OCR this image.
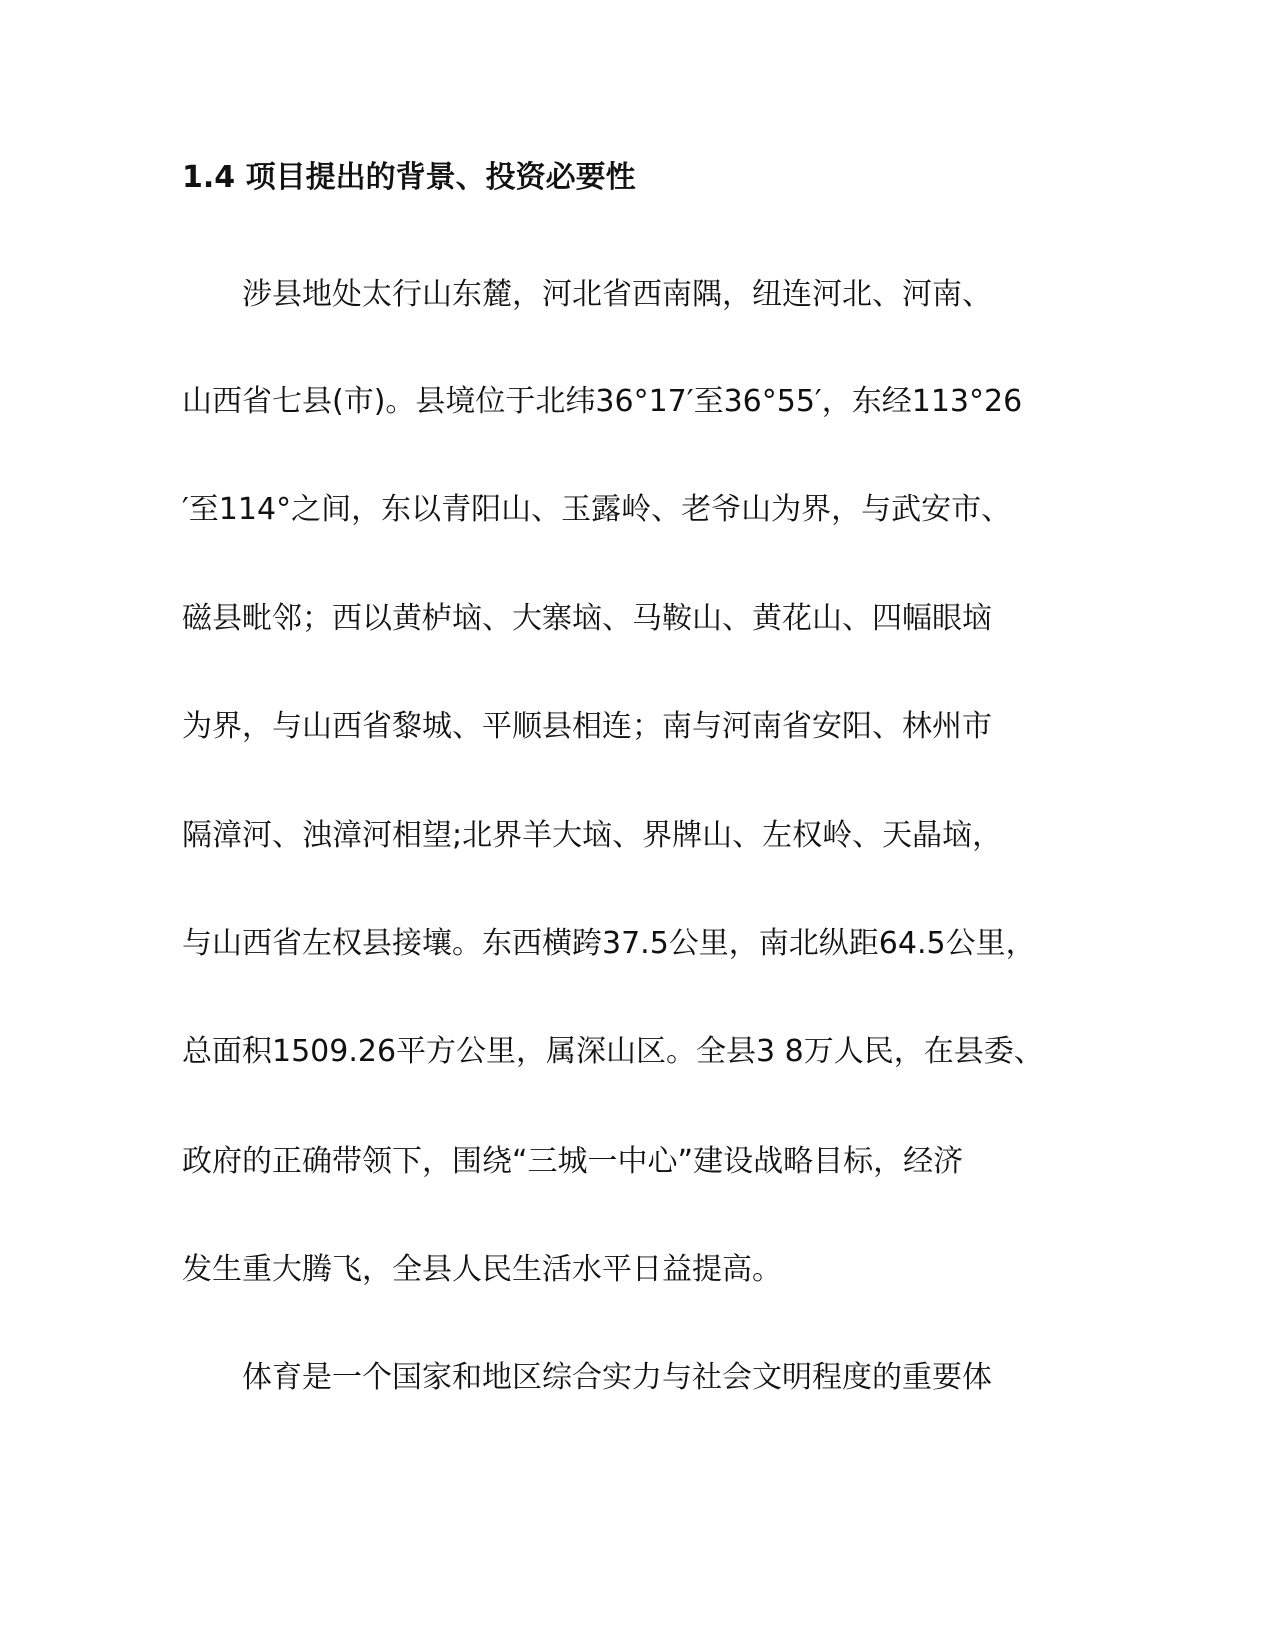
1.4 项目提出的背景、投资必要性

涉县地处太行山东麓，河北省西南隅，纽连河北、河南、

山西省七县(市)。县境位于北纬36°17′至36°55′，东经113°26

′至114°之间，东以青阳山、玉露岭、老爷山为界，与武安市、

磁县毗邻；西以黄栌垴、大寨垴、马鞍山、黄花山、四幅眼垴

为界，与山西省黎城、平顺县相连；南与河南省安阳、林州市

隔漳河、浊漳河相望;北界羊大垴、界牌山、左权岭、天晶垴，

与山西省左权县接壤。东西横跨37.5公里，南北纵距64.5公里，

总面积1509.26平方公里，属深山区。全县3 8万人民，在县委、

政府的正确带领下，围绕“三城一中心”建设战略目标，经济

发生重大腾飞，全县人民生活水平日益提高。

体育是一个国家和地区综合实力与社会文明程度的重要体
